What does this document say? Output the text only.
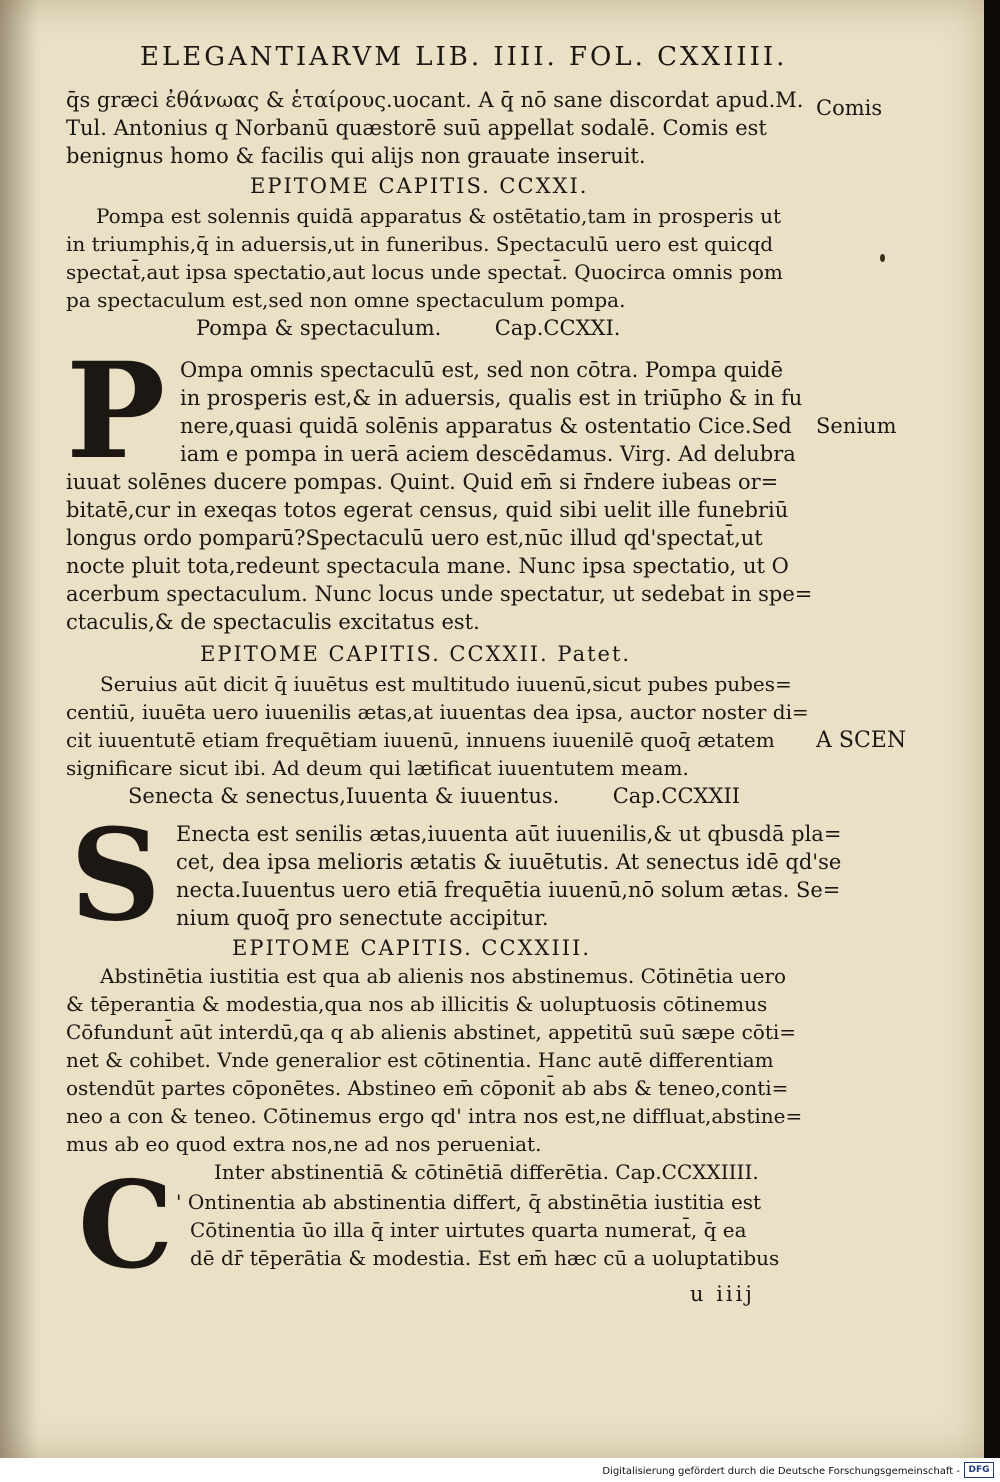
ELEGANTIARVM LIB. IIII. FOL. CXXIIII.
q̄s græci ἐθάνωας & ἑταίρους.uocant. A q̄ nō sane discordat apud.M.
Tul. Antonius q Norbanū quæstorē suū appellat sodalē. Comis est
benignus homo & facilis qui alijs non grauate inseruit.
EPITOME CAPITIS. CCXXI.
Pompa est solennis quidā apparatus & ostētatio,tam in prosperis ut
in triumphis,q̄ in aduersis,ut in funeribus. Spectaculū uero est quicqd
spectat̄,aut ipsa spectatio,aut locus unde spectat̄. Quocirca omnis pom
pa spectaculum est,sed non omne spectaculum pompa.
Pompa & spectaculum.        Cap.CCXXI.
P Ompa omnis spectaculū est, sed non cōtra. Pompa quidē
in prosperis est,& in aduersis, qualis est in triūpho & in fu
nere,quasi quidā solēnis apparatus & ostentatio Cice.Sed
iam e pompa in uerā aciem descēdamus. Virg. Ad delubra
iuuat solēnes ducere pompas. Quint. Quid em̄ si r̄ndere iubeas or=
bitatē,cur in exeqas totos egerat census, quid sibi uelit ille funebriū
longus ordo pomparū?Spectaculū uero est,nūc illud qd'spectat̄,ut
nocte pluit tota,redeunt spectacula mane. Nunc ipsa spectatio, ut O
acerbum spectaculum. Nunc locus unde spectatur, ut sedebat in spe=
ctaculis,& de spectaculis excitatus est.
EPITOME CAPITIS. CCXXII. Patet.
Seruius aūt dicit q̄ iuuētus est multitudo iuuenū,sicut pubes pubes=
centiū, iuuēta uero iuuenilis ætas,at iuuentas dea ipsa, auctor noster di=
cit iuuentutē etiam frequētiam iuuenū, innuens iuuenilē quoq̄ ætatem
significare sicut ibi. Ad deum qui lætificat iuuentutem meam.
Senecta & senectus,Iuuenta & iuuentus.        Cap.CCXXII
S Enecta est senilis ætas,iuuenta aūt iuuenilis,& ut qbusdā pla=
cet, dea ipsa melioris ætatis & iuuētutis. At senectus idē qd'se
necta.Iuuentus uero etiā frequētia iuuenū,nō solum ætas. Se=
nium quoq̄ pro senectute accipitur.
EPITOME CAPITIS. CCXXIII.
Abstinētia iustitia est qua ab alienis nos abstinemus. Cōtinētia uero
& tēperantia & modestia,qua nos ab illicitis & uoluptuosis cōtinemus
Cōfundunt̄ aūt interdū,qa q ab alienis abstinet, appetitū suū sæpe cōti=
net & cohibet. Vnde generalior est cōtinentia. Hanc autē differentiam
ostendūt partes cōponētes. Abstineo em̄ cōponit̄ ab abs & teneo,conti=
neo a con & teneo. Cōtinemus ergo qd' intra nos est,ne diffluat,abstine=
mus ab eo quod extra nos,ne ad nos perueniat.
C Inter abstinentiā & cōtinētiā differētia. Cap.CCXXIIII.
' Ontinentia ab abstinentia differt, q̄ abstinētia iustitia est
Cōtinentia ūo illa q̄ inter uirtutes quarta numerat̄, q̄ ea
dē dr̄ tēperātia & modestia. Est em̄ hæc cū a uoluptatibus
u iiij
Comis
Senium
A SCEN
Digitalisierung gefördert durch die Deutsche Forschungsgemeinschaft - DFG
